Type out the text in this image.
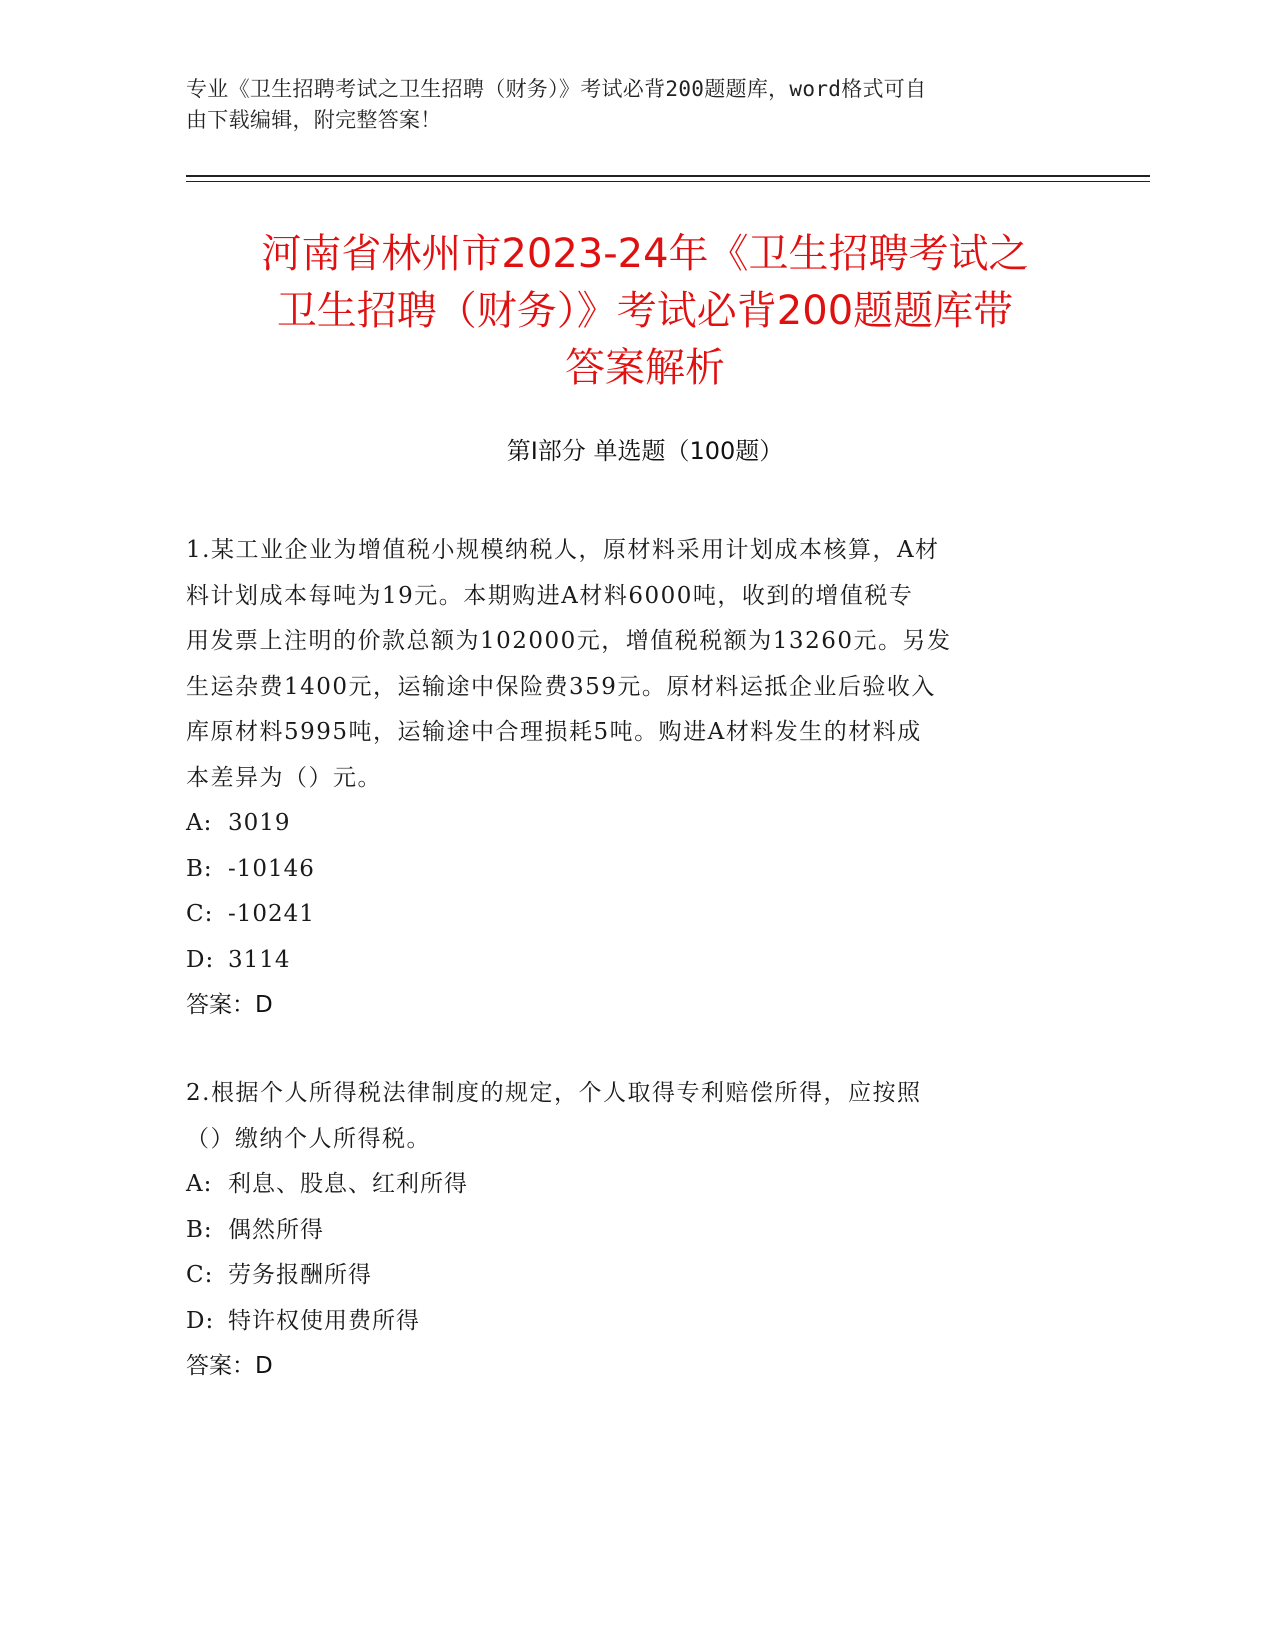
专业《卫生招聘考试之卫生招聘（财务）》考试必背200题题库，word格式可自
由下载编辑，附完整答案！
河南省林州市2023-24年《卫生招聘考试之
卫生招聘（财务）》考试必背200题题库带
答案解析
第I部分 单选题（100题）
1.某工业企业为增值税小规模纳税人，原材料采用计划成本核算，A材
料计划成本每吨为19元。本期购进A材料6000吨，收到的增值税专
用发票上注明的价款总额为102000元，增值税税额为13260元。另发
生运杂费1400元，运输途中保险费359元。原材料运抵企业后验收入
库原材料5995吨，运输途中合理损耗5吨。购进A材料发生的材料成
本差异为（）元。
A: 3019
B: -10146
C: -10241
D: 3114
答案：D
2.根据个人所得税法律制度的规定，个人取得专利赔偿所得，应按照
（）缴纳个人所得税。
A: 利息、股息、红利所得
B: 偶然所得
C: 劳务报酬所得
D: 特许权使用费所得
答案：D
